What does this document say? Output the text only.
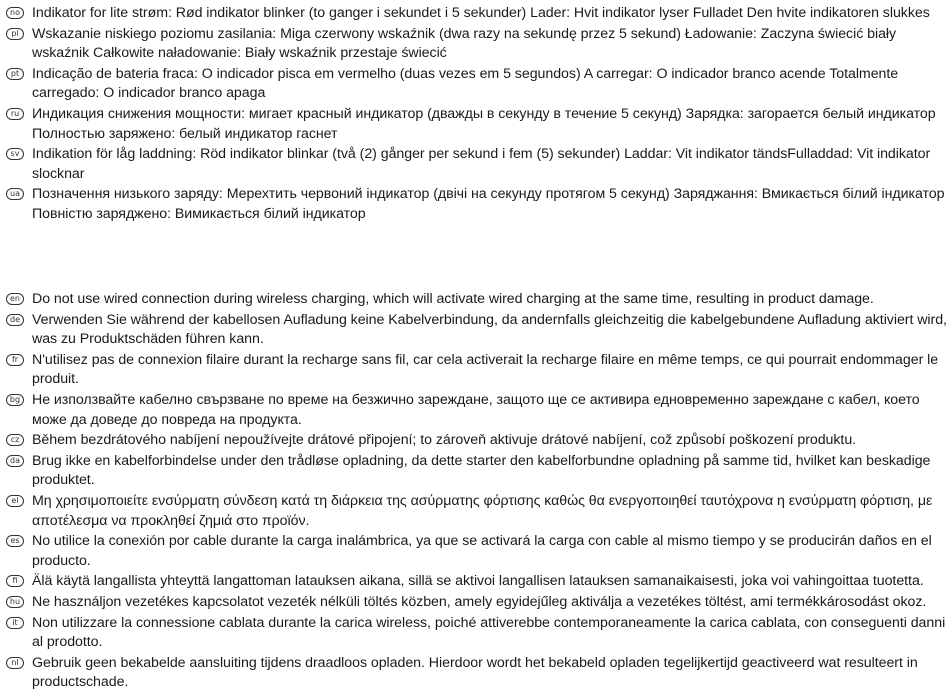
no Indikator for lite strøm: Rød indikator blinker (to ganger i sekundet i 5 sekunder) Lader: Hvit indikator lyser Fulladet Den hvite indikatoren slukkes
pl Wskazanie niskiego poziomu zasilania: Miga czerwony wskaźnik (dwa razy na sekundę przez 5 sekund) Ładowanie: Zaczyna świecić biały wskaźnik Całkowite naładowanie: Biały wskaźnik przestaje świecić
pt Indicação de bateria fraca: O indicador pisca em vermelho (duas vezes em 5 segundos) A carregar: O indicador branco acende Totalmente carregado: O indicador branco apaga
ru Индикация снижения мощности: мигает красный индикатор (дважды в секунду в течение 5 секунд) Зарядка: загорается белый индикатор Полностью заряжено: белый индикатор гаснет
sv Indikation för låg laddning: Röd indikator blinkar (två (2) gånger per sekund i fem (5) sekunder) Laddar: Vit indikator tändsFulladdad: Vit indikator slocknar
ua Позначення низького заряду: Мерехтить червоний індикатор (двічі на секунду протягом 5 секунд) Заряджання: Вмикається білий індикатор Повністю заряджено: Вимикається білий індикатор
en Do not use wired connection during wireless charging, which will activate wired charging at the same time, resulting in product damage.
de Verwenden Sie während der kabellosen Aufladung keine Kabelverbindung, da andernfalls gleichzeitig die kabelgebundene Aufladung aktiviert wird, was zu Produktschäden führen kann.
fr N'utilisez pas de connexion filaire durant la recharge sans fil, car cela activerait la recharge filaire en même temps, ce qui pourrait endommager le produit.
bg Не използвайте кабелно свързване по време на безжично зареждане, защото ще се активира едновременно зареждане с кабел, което може да доведе до повреда на продукта.
cz Během bezdrátového nabíjení nepoužívejte drátové připojení; to zároveň aktivuje drátové nabíjení, což způsobí poškození produktu.
da Brug ikke en kabelforbindelse under den trådløse opladning, da dette starter den kabelforbundne opladning på samme tid, hvilket kan beskadige produktet.
el Μη χρησιμοποιείτε ενσύρματη σύνδεση κατά τη διάρκεια της ασύρματης φόρτισης καθώς θα ενεργοποιηθεί ταυτόχρονα η ενσύρματη φόρτιση, με αποτέλεσμα να προκληθεί ζημιά στο προϊόν.
es No utilice la conexión por cable durante la carga inalámbrica, ya que se activará la carga con cable al mismo tiempo y se producirán daños en el producto.
fi	Älä käytä langallista yhteyttä langattoman latauksen aikana, sillä se aktivoi langallisen latauksen samanaikaisesti, joka voi vahingoittaa tuotetta.
hu Ne használjon vezetékes kapcsolatot vezeték nélküli töltés közben, amely egyidejűleg aktiválja a vezetékes töltést, ami termékkárosodást okoz.
it	Non utilizzare la connessione cablata durante la carica wireless, poiché attiverebbe contemporaneamente la carica cablata, con conseguenti danni al prodotto.
nl Gebruik geen bekabelde aansluiting tijdens draadloos opladen. Hierdoor wordt het bekabeld opladen tegelijkertijd geactiveerd wat resulteert in productschade.
